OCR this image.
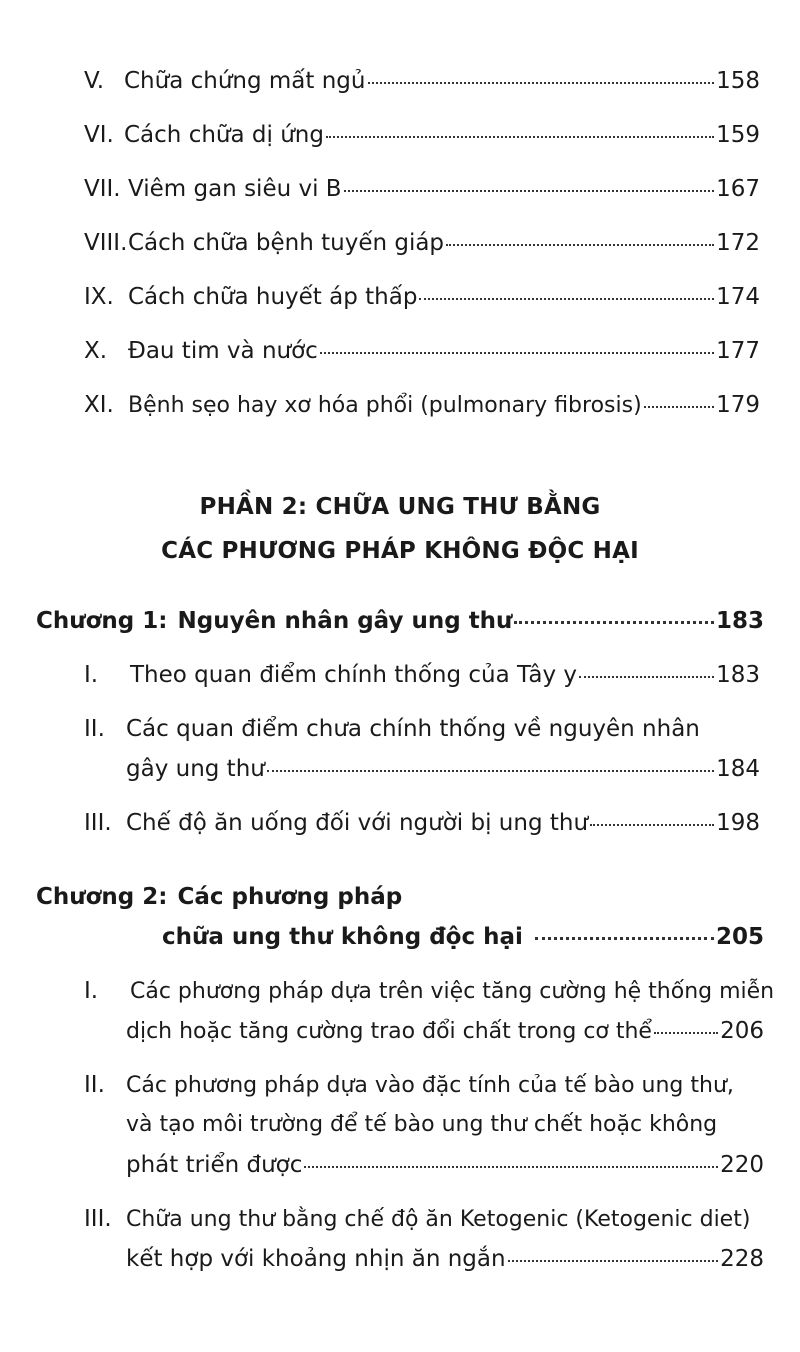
V. Chữa chứng mất ngủ	158
VI. Cách chữa dị ứng	159
VII. Viêm gan siêu vi B	167
VIII. Cách chữa bệnh tuyến giáp	172
IX. Cách chữa huyết áp thấp	174
X. Đau tim và nước	177
XI. Bệnh sẹo hay xơ hóa phổi (pulmonary fibrosis)	179
PHẦN 2: CHỮA UNG THƯ BẰNG
CÁC PHƯƠNG PHÁP KHÔNG ĐỘC HẠI
Chương 1: Nguyên nhân gây ung thư	183
I.	Theo quan điểm chính thống của Tây y	183
II. Các quan điểm chưa chính thống về nguyên nhân
gây ung thư	184
III. Chế độ ăn uống đối với người bị ung thư	198
Chương 2: Các phương pháp
chữa ung thư không độc hại	205
I.	Các phương pháp dựa trên việc tăng cường hệ thống miễn
dịch hoặc tăng cường trao đổi chất trong cơ thể	206
II. Các phương pháp dựa vào đặc tính của tế bào ung thư,
và tạo môi trường để tế bào ung thư chết hoặc không
phát triển được	220
III. Chữa ung thư bằng chế độ ăn Ketogenic (Ketogenic diet)
kết hợp với khoảng nhịn ăn ngắn	228
